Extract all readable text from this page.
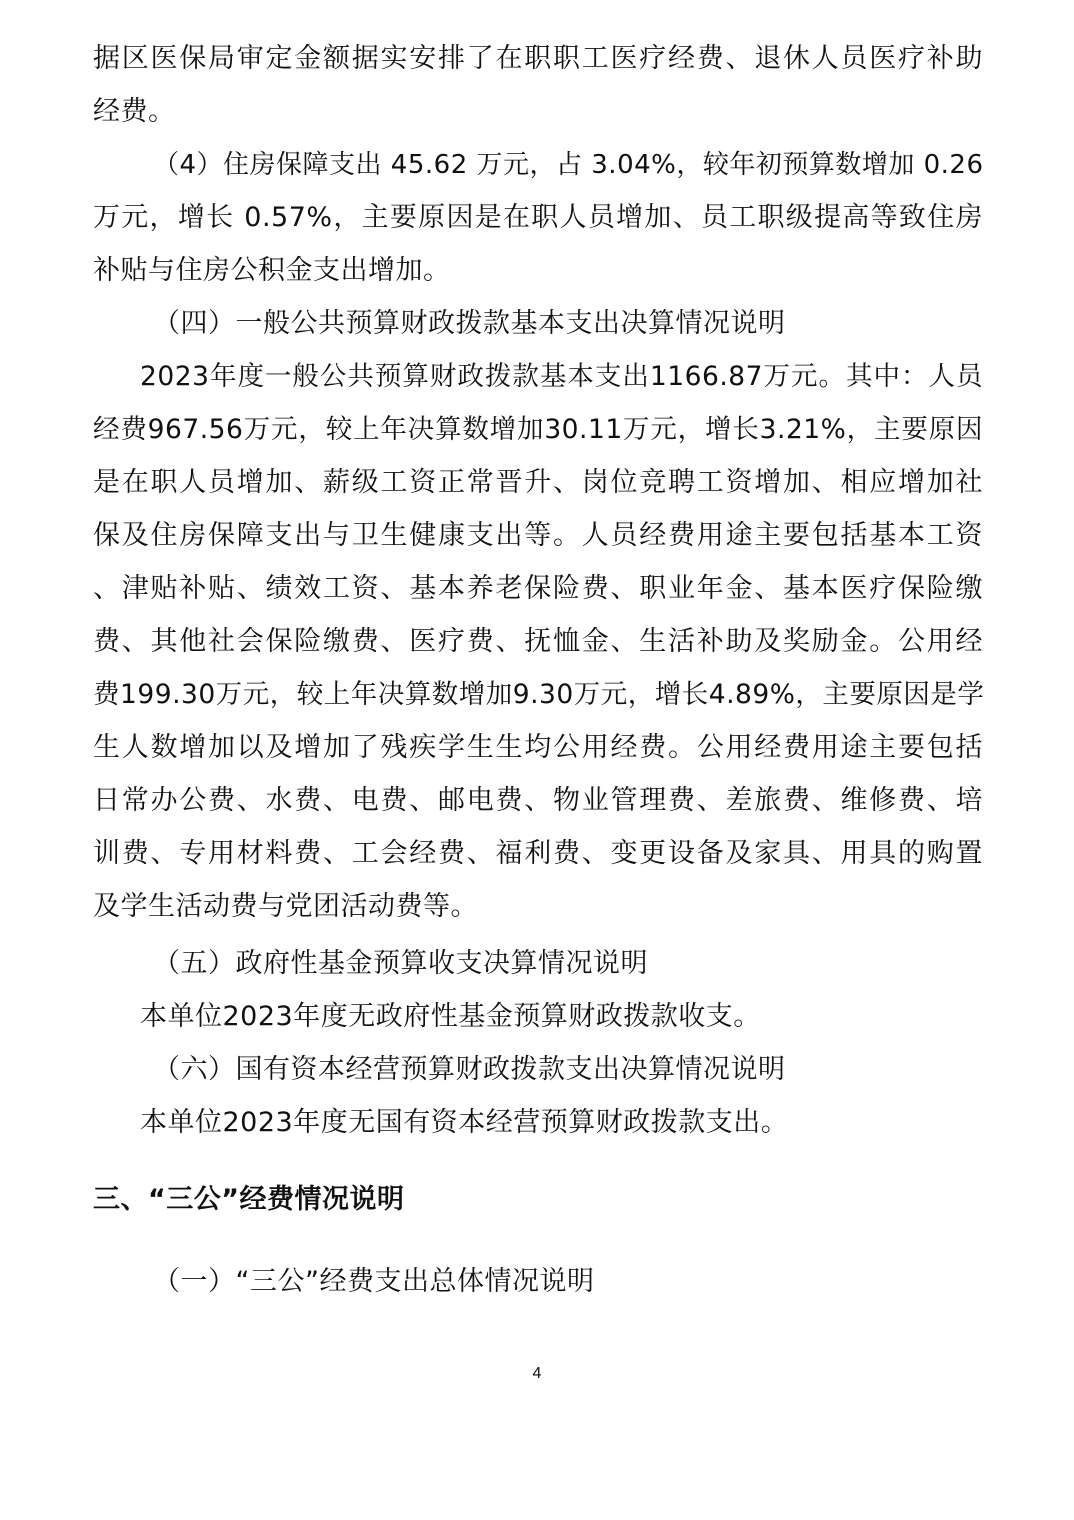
据区医保局审定金额据实安排了在职职工医疗经费、退休人员医疗补助
经费。
（4）住房保障支出 45.62 万元，占 3.04%，较年初预算数增加 0.26
万元，增长 0.57%，主要原因是在职人员增加、员工职级提高等致住房
补贴与住房公积金支出增加。
（四）一般公共预算财政拨款基本支出决算情况说明
2023年度一般公共预算财政拨款基本支出1166.87万元。其中：人员
经费967.56万元，较上年决算数增加30.11万元，增长3.21%，主要原因
是在职人员增加、薪级工资正常晋升、岗位竞聘工资增加、相应增加社
保及住房保障支出与卫生健康支出等。人员经费用途主要包括基本工资
、津贴补贴、绩效工资、基本养老保险费、职业年金、基本医疗保险缴
费、其他社会保险缴费、医疗费、抚恤金、生活补助及奖励金。公用经
费199.30万元，较上年决算数增加9.30万元，增长4.89%，主要原因是学
生人数增加以及增加了残疾学生生均公用经费。公用经费用途主要包括
日常办公费、水费、电费、邮电费、物业管理费、差旅费、维修费、培
训费、专用材料费、工会经费、福利费、变更设备及家具、用具的购置
及学生活动费与党团活动费等。
（五）政府性基金预算收支决算情况说明
本单位2023年度无政府性基金预算财政拨款收支。
（六）国有资本经营预算财政拨款支出决算情况说明
本单位2023年度无国有资本经营预算财政拨款支出。
三、“三公”经费情况说明
（一）“三公”经费支出总体情况说明
4
